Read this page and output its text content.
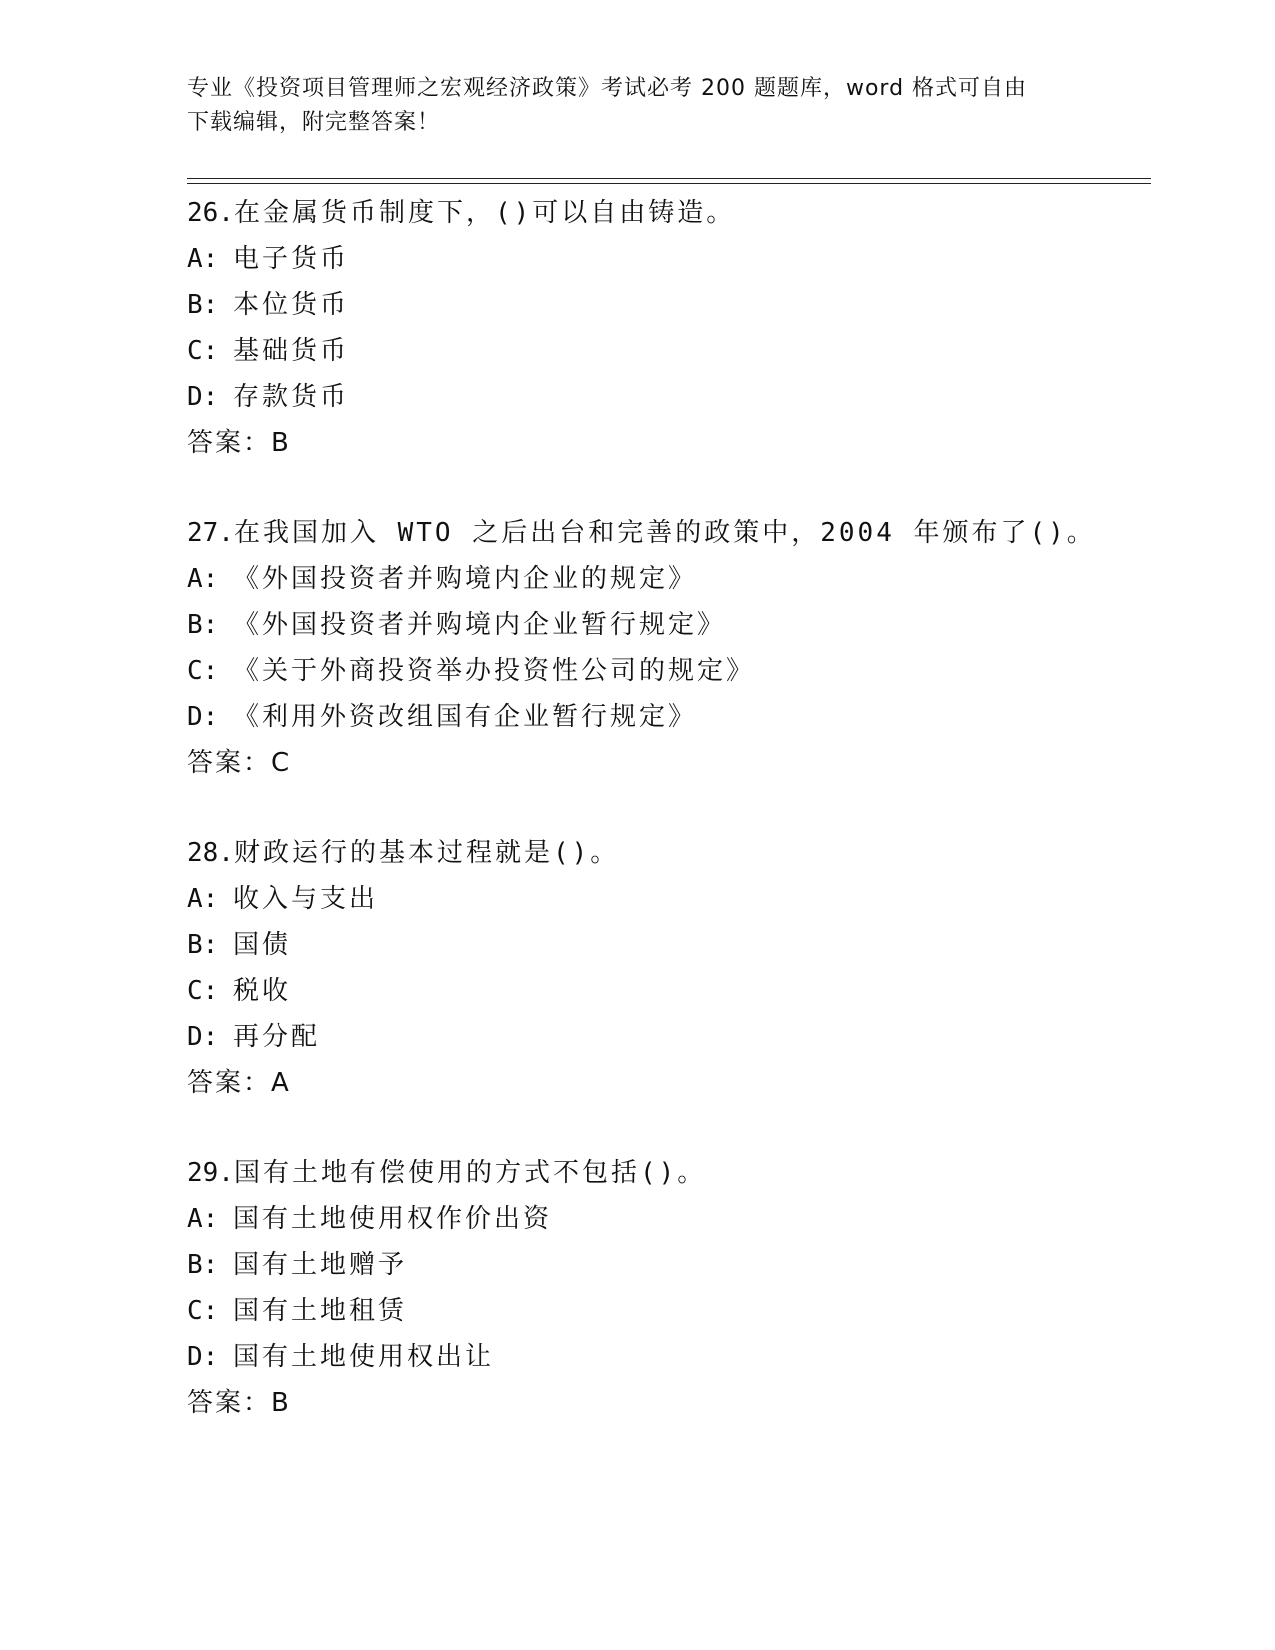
专业《投资项目管理师之宏观经济政策》考试必考 200 题题库，word 格式可自由
下载编辑，附完整答案！

26.在金属货币制度下，()可以自由铸造。
A: 电子货币
B: 本位货币
C: 基础货币
D: 存款货币
答案：B
27.在我国加入 WTO 之后出台和完善的政策中，2004 年颁布了()。
A: 《外国投资者并购境内企业的规定》
B: 《外国投资者并购境内企业暂行规定》
C: 《关于外商投资举办投资性公司的规定》
D: 《利用外资改组国有企业暂行规定》
答案：C
28.财政运行的基本过程就是()。
A: 收入与支出
B: 国债
C: 税收
D: 再分配
答案：A
29.国有土地有偿使用的方式不包括()。
A: 国有土地使用权作价出资
B: 国有土地赠予
C: 国有土地租赁
D: 国有土地使用权出让
答案：B
